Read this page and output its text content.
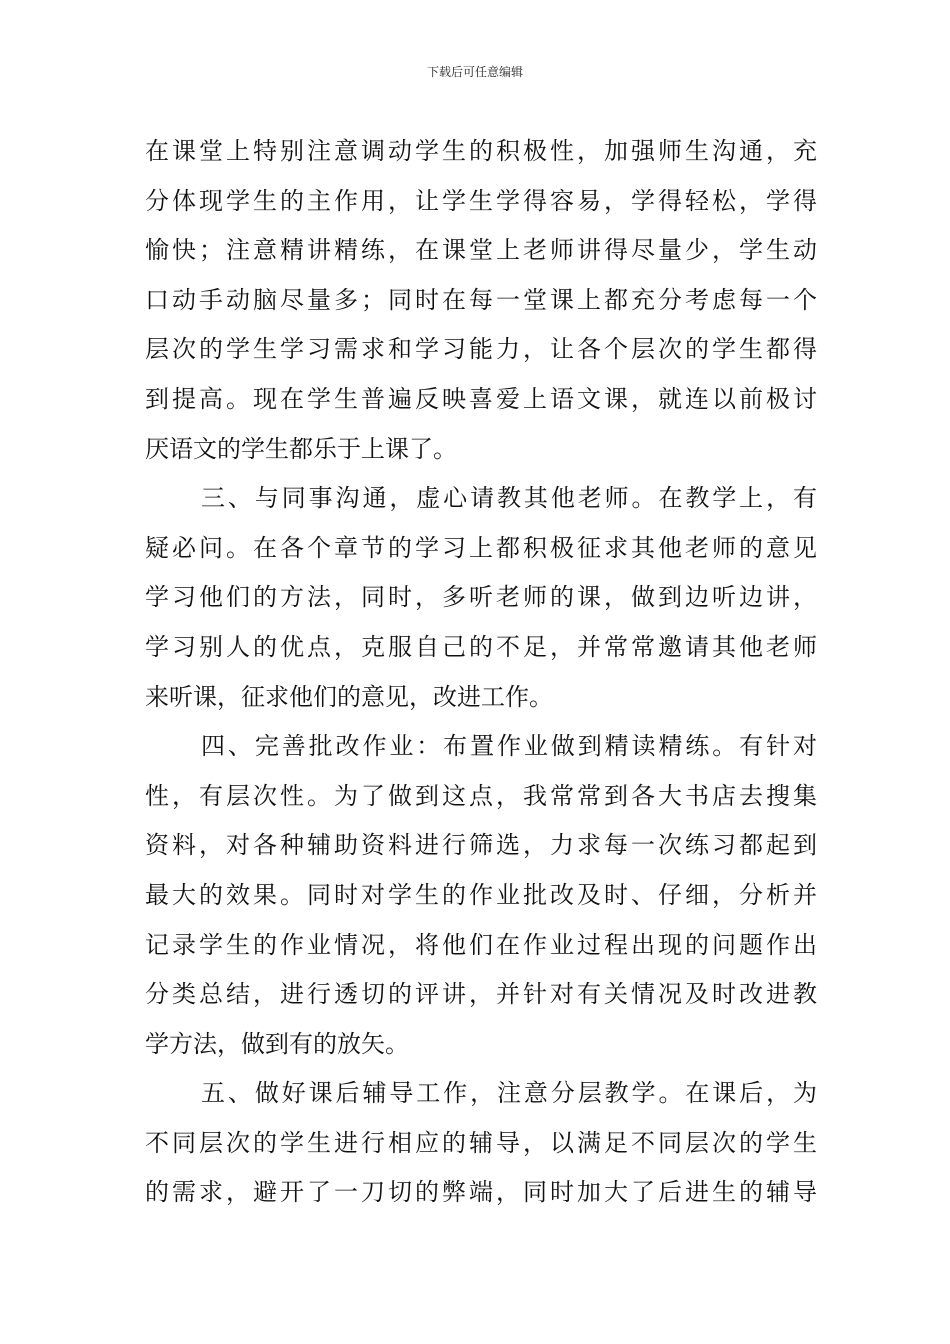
下载后可任意编辑
在课堂上特别注意调动学生的积极性，加强师生沟通，充
分体现学生的主作用，让学生学得容易，学得轻松，学得
愉快；注意精讲精练，在课堂上老师讲得尽量少，学生动
口动手动脑尽量多；同时在每一堂课上都充分考虑每一个
层次的学生学习需求和学习能力，让各个层次的学生都得
到提高。现在学生普遍反映喜爱上语文课，就连以前极讨
厌语文的学生都乐于上课了。
三、与同事沟通，虚心请教其他老师。在教学上，有
疑必问。在各个章节的学习上都积极征求其他老师的意见
学习他们的方法，同时，多听老师的课，做到边听边讲，
学习别人的优点，克服自己的不足，并常常邀请其他老师
来听课，征求他们的意见，改进工作。
四、完善批改作业：布置作业做到精读精练。有针对
性，有层次性。为了做到这点，我常常到各大书店去搜集
资料，对各种辅助资料进行筛选，力求每一次练习都起到
最大的效果。同时对学生的作业批改及时、仔细，分析并
记录学生的作业情况，将他们在作业过程出现的问题作出
分类总结，进行透切的评讲，并针对有关情况及时改进教
学方法，做到有的放矢。
五、做好课后辅导工作，注意分层教学。在课后，为
不同层次的学生进行相应的辅导，以满足不同层次的学生
的需求，避开了一刀切的弊端，同时加大了后进生的辅导
